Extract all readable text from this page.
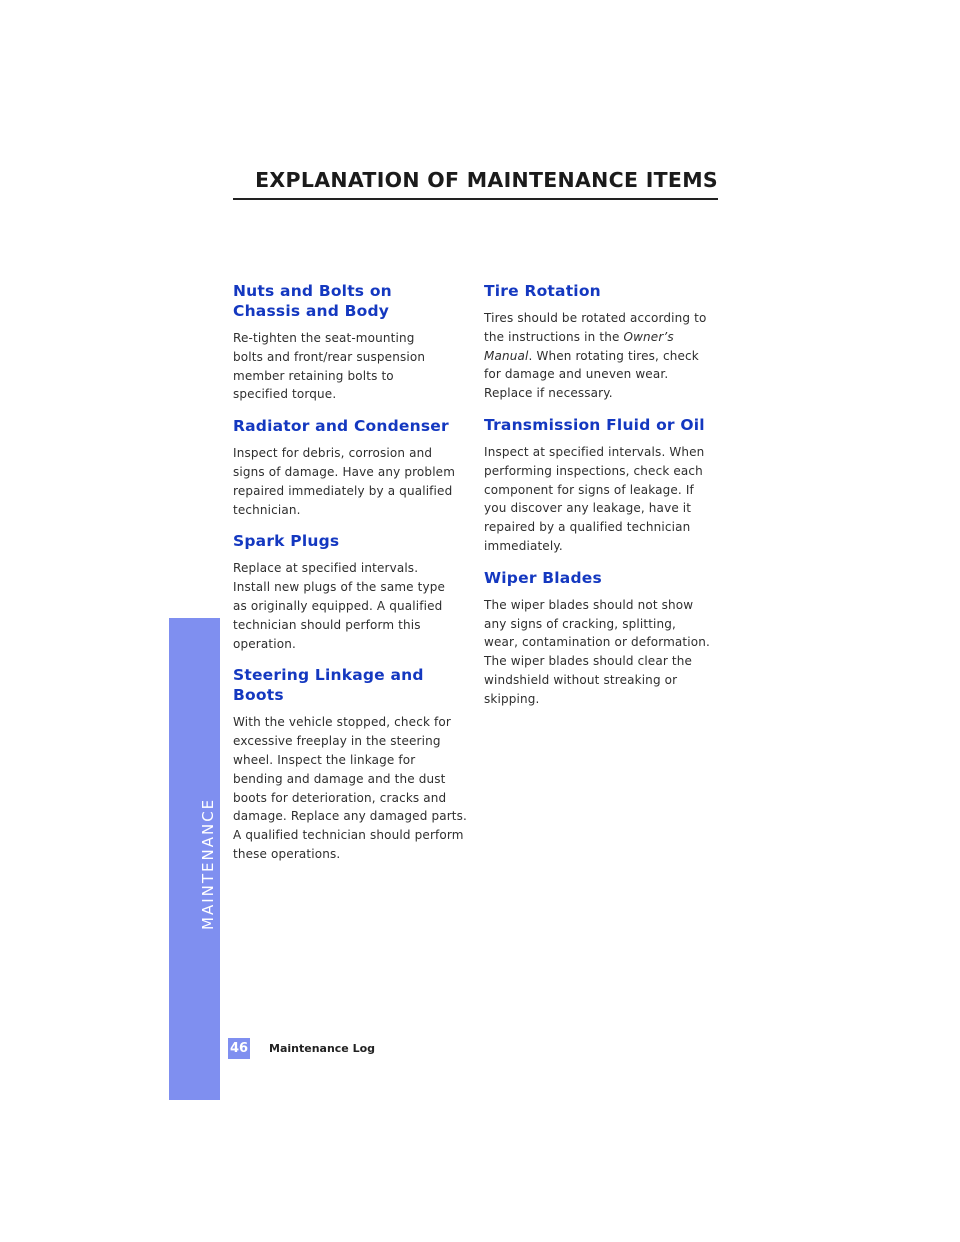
EXPLANATION OF MAINTENANCE ITEMS
MAINTENANCE
Nuts and Bolts on Chassis and Body

Re-tighten the seat-mounting bolts and front/rear suspension member retaining bolts to specified torque.

Radiator and Condenser

Inspect for debris, corrosion and signs of damage. Have any problem repaired immediately by a qualified technician.

Spark Plugs

Replace at specified intervals. Install new plugs of the same type as originally equipped. A qualified technician should perform this operation.

Steering Linkage and Boots

With the vehicle stopped, check for excessive freeplay in the steering wheel. Inspect the linkage for bending and damage and the dust boots for deterioration, cracks and damage. Replace any damaged parts. A qualified technician should perform these operations.

Tire Rotation

Tires should be rotated according to the instructions in the Owner’s Manual. When rotating tires, check for damage and uneven wear. Replace if necessary.

Transmission Fluid or Oil

Inspect at specified intervals. When performing inspections, check each component for signs of leakage. If you discover any leakage, have it repaired by a qualified technician immediately.

Wiper Blades

The wiper blades should not show any signs of cracking, splitting, wear, contamination or deformation. The wiper blades should clear the windshield without streaking or skipping.

46 Maintenance Log
